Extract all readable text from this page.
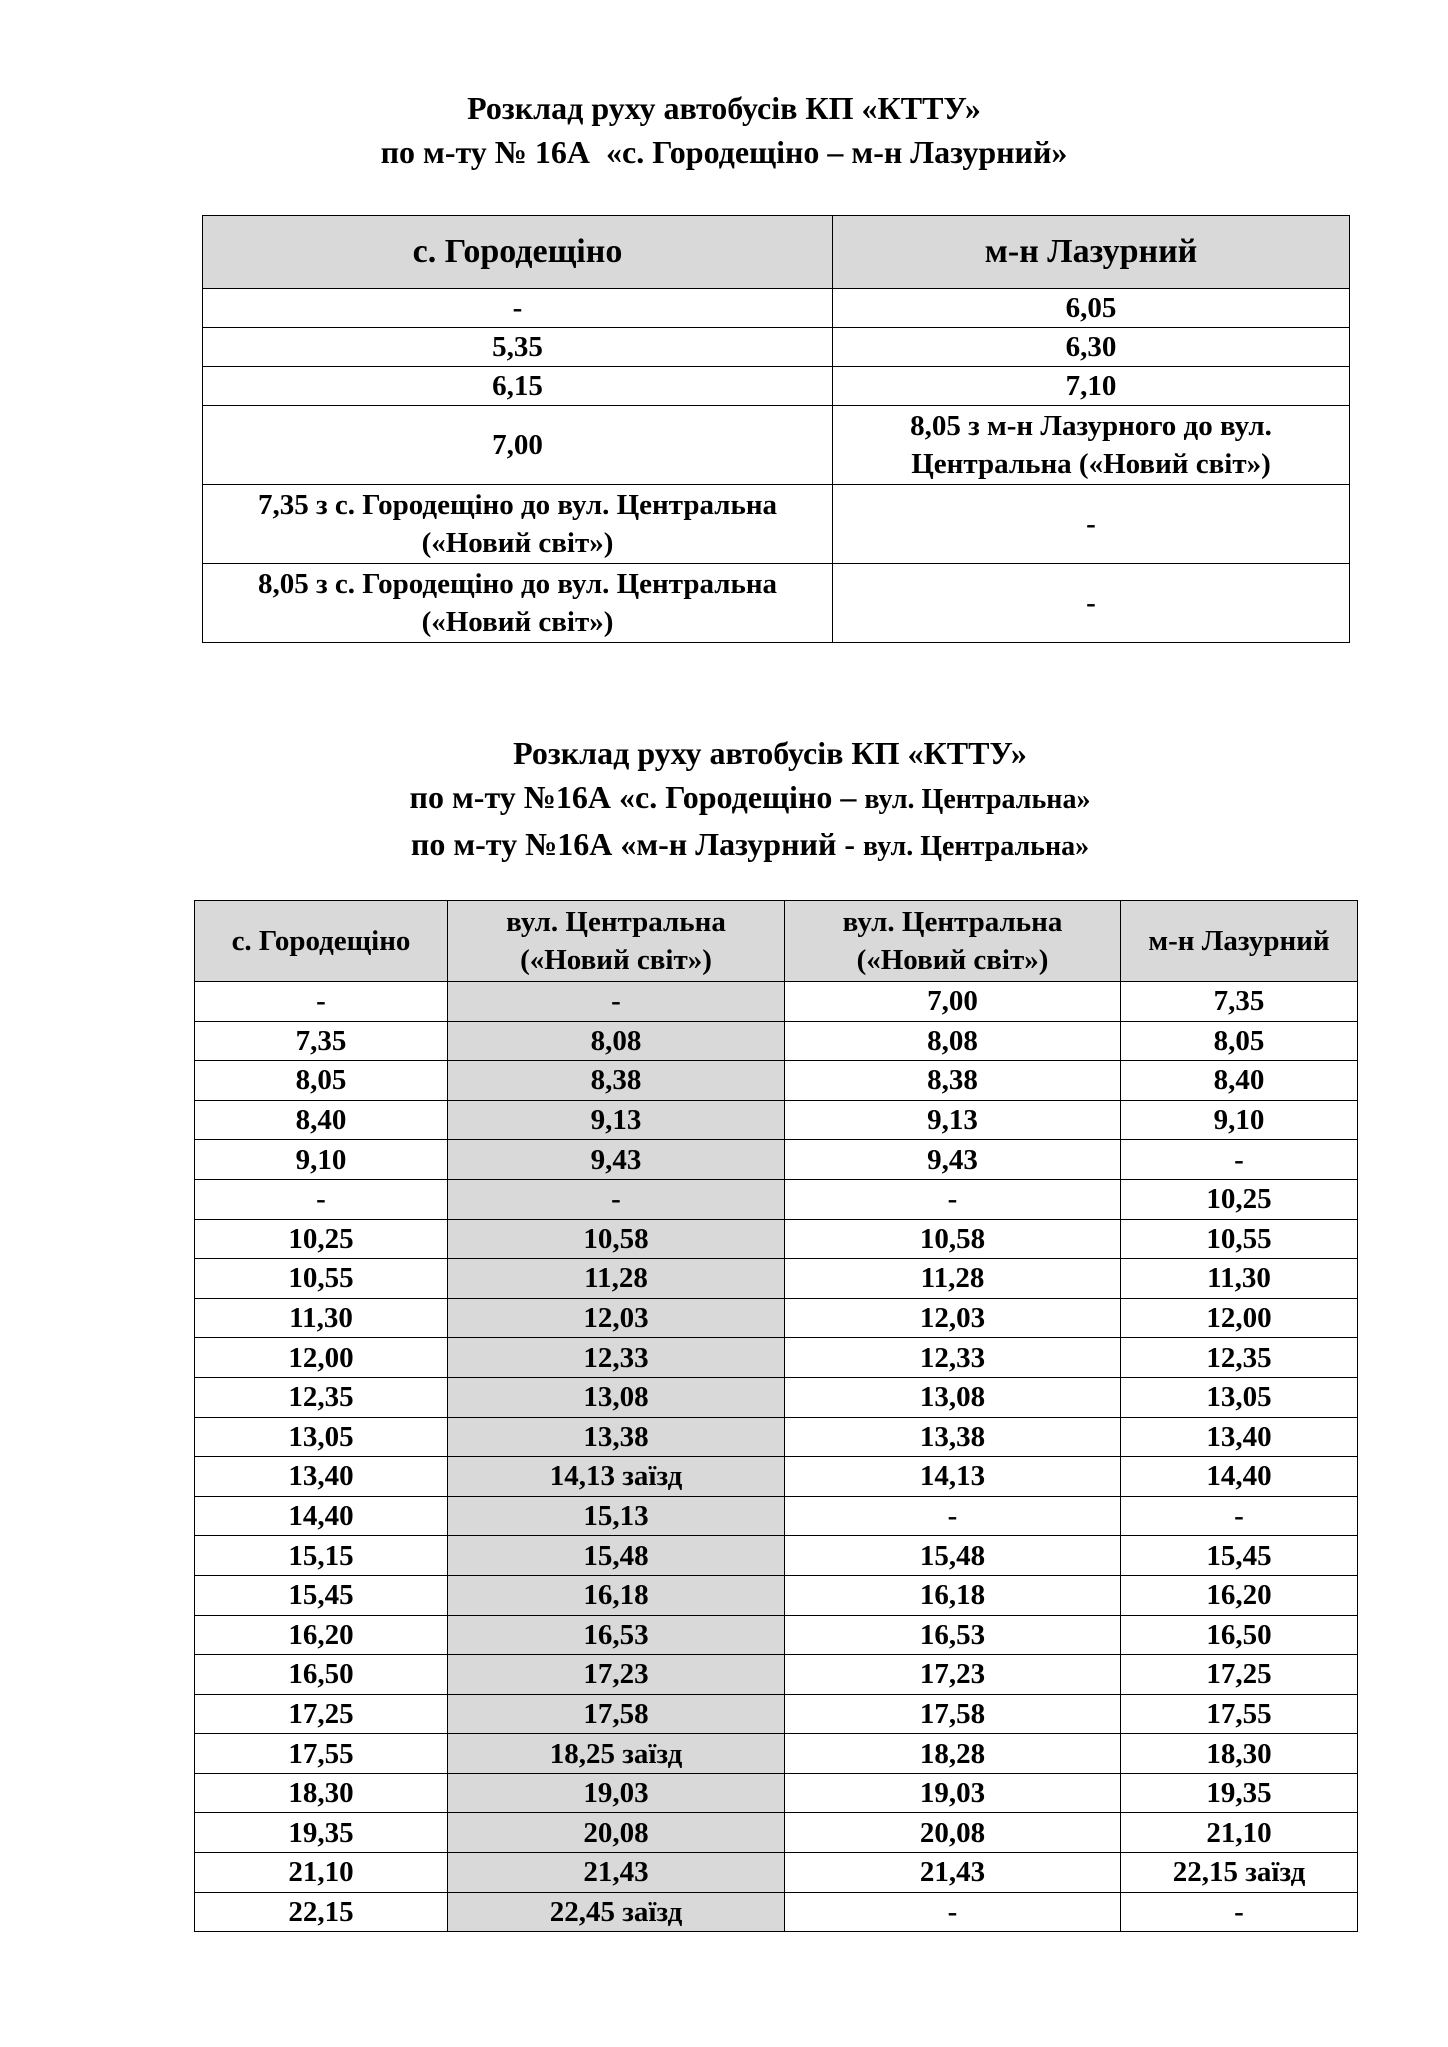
Розклад руху автобусів КП «КТТУ»
по м-ту № 16А  «с. Городещіно – м-н Лазурний»
с. Городещіно	м-н Лазурний
-	6,05
5,35	6,30
6,15	7,10
7,00	8,05 з м-н Лазурного до вул. Центральна («Новий світ»)
7,35 з с. Городещіно до вул. Центральна («Новий світ»)	-
8,05 з с. Городещіно до вул. Центральна («Новий світ»)	-
Розклад руху автобусів КП «КТТУ»
по м-ту №16А «с. Городещіно – вул. Центральна»
по м-ту №16А «м-н Лазурний - вул. Центральна»
с. Городещіно	вул. Центральна («Новий світ»)	вул. Центральна («Новий світ»)	м-н Лазурний
-	-	7,00	7,35
7,35	8,08	8,08	8,05
8,05	8,38	8,38	8,40
8,40	9,13	9,13	9,10
9,10	9,43	9,43	-
-	-	-	10,25
10,25	10,58	10,58	10,55
10,55	11,28	11,28	11,30
11,30	12,03	12,03	12,00
12,00	12,33	12,33	12,35
12,35	13,08	13,08	13,05
13,05	13,38	13,38	13,40
13,40	14,13 заїзд	14,13	14,40
14,40	15,13	-	-
15,15	15,48	15,48	15,45
15,45	16,18	16,18	16,20
16,20	16,53	16,53	16,50
16,50	17,23	17,23	17,25
17,25	17,58	17,58	17,55
17,55	18,25 заїзд	18,28	18,30
18,30	19,03	19,03	19,35
19,35	20,08	20,08	21,10
21,10	21,43	21,43	22,15 заїзд
22,15	22,45 заїзд	-	-
